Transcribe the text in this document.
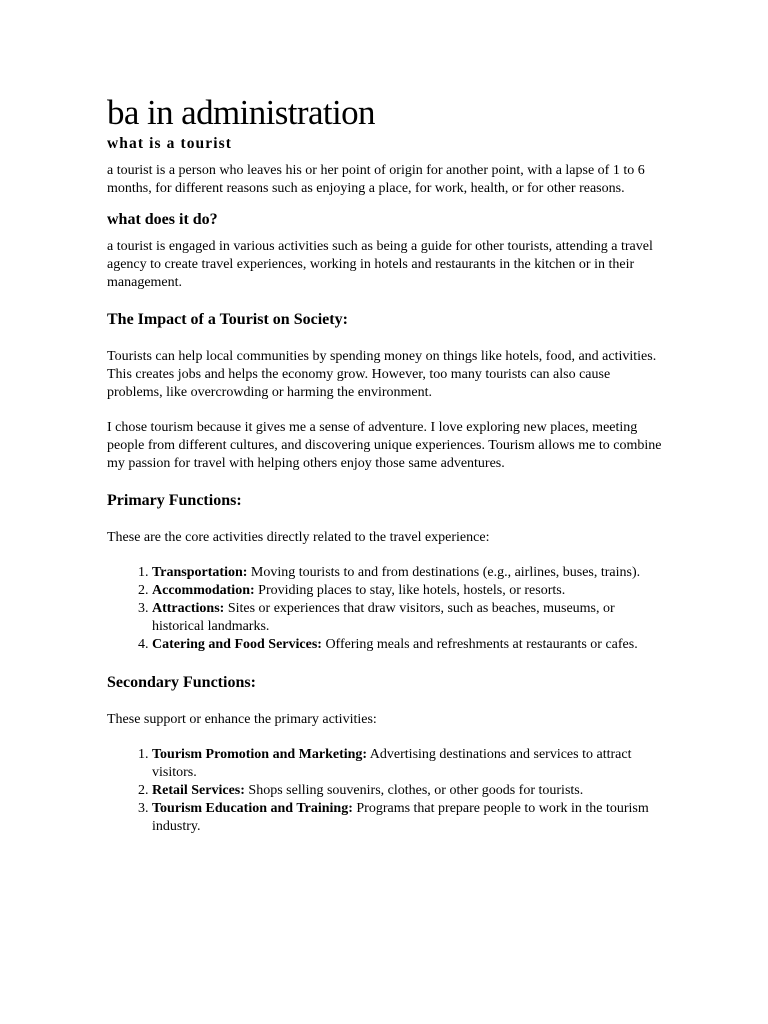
ba in administration
what is a tourist

a tourist is a person who leaves his or her point of origin for another point, with a lapse of 1 to 6 months, for different reasons such as enjoying a place, for work, health, or for other reasons.

what does it do?

a tourist is engaged in various activities such as being a guide for other tourists, attending a travel agency to create travel experiences, working in hotels and restaurants in the kitchen or in their management.

The Impact of a Tourist on Society:

Tourists can help local communities by spending money on things like hotels, food, and activities. This creates jobs and helps the economy grow. However, too many tourists can also cause problems, like overcrowding or harming the environment.

I chose tourism because it gives me a sense of adventure. I love exploring new places, meeting people from different cultures, and discovering unique experiences. Tourism allows me to combine my passion for travel with helping others enjoy those same adventures.

Primary Functions:

These are the core activities directly related to the travel experience:

1. Transportation: Moving tourists to and from destinations (e.g., airlines, buses, trains).
2. Accommodation: Providing places to stay, like hotels, hostels, or resorts.
3. Attractions: Sites or experiences that draw visitors, such as beaches, museums, or historical landmarks.
4. Catering and Food Services: Offering meals and refreshments at restaurants or cafes.
Secondary Functions:

These support or enhance the primary activities:

1. Tourism Promotion and Marketing: Advertising destinations and services to attract visitors.
2. Retail Services: Shops selling souvenirs, clothes, or other goods for tourists.
3. Tourism Education and Training: Programs that prepare people to work in the tourism industry.
